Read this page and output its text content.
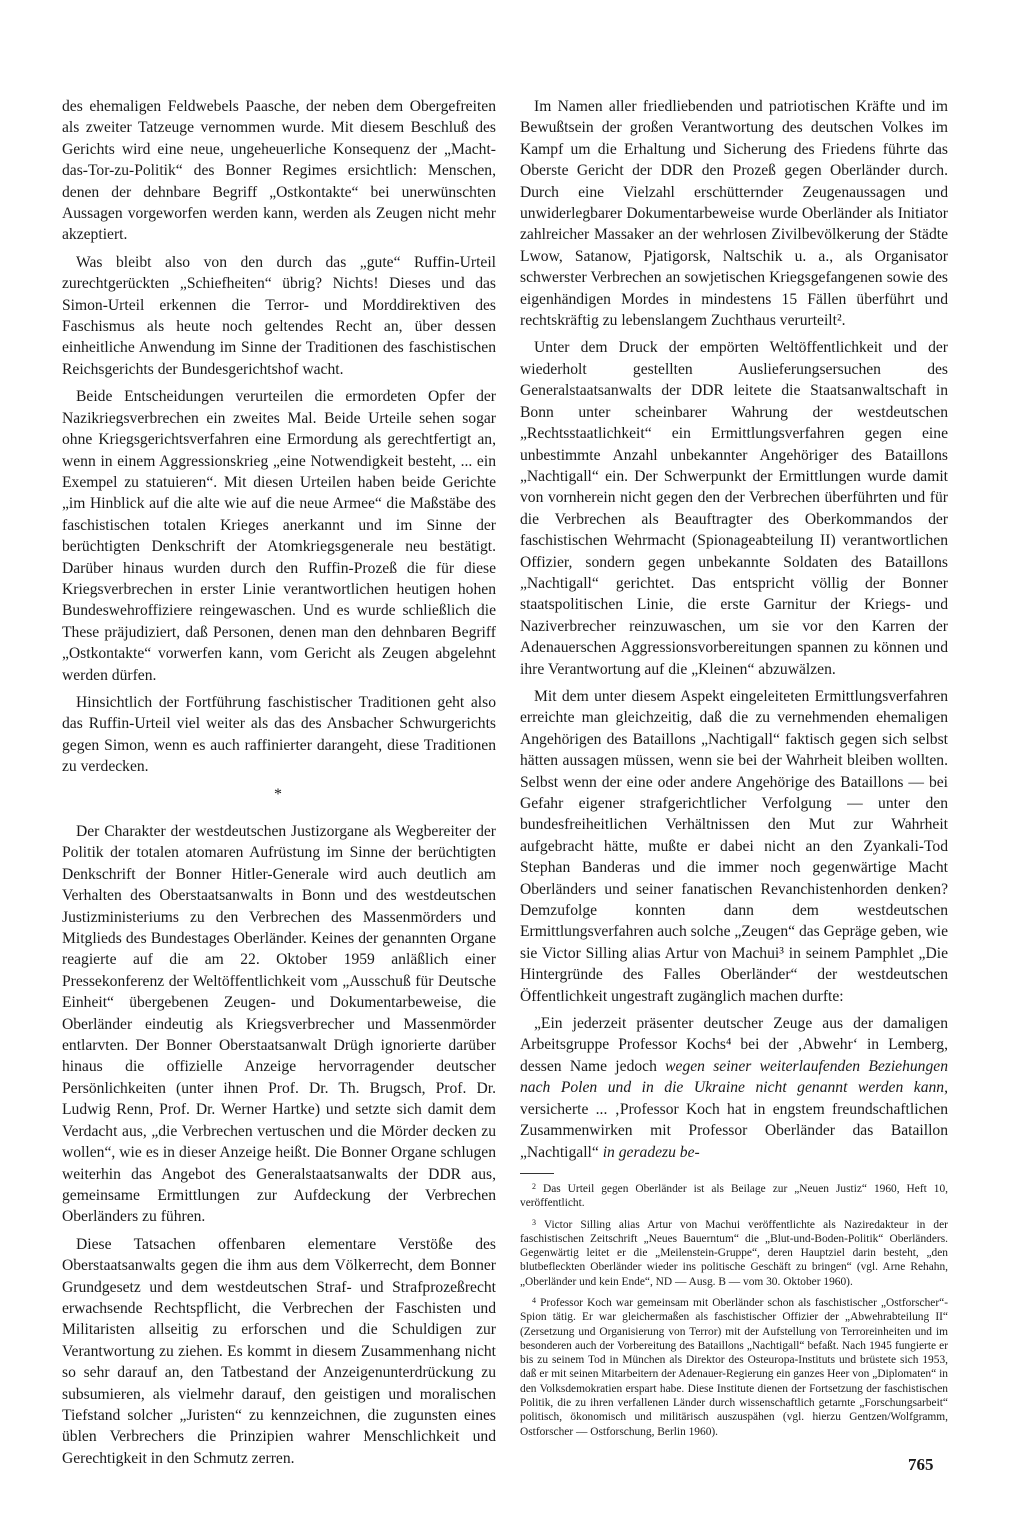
des ehemaligen Feldwebels Paasche, der neben dem Obergefreiten als zweiter Tatzeuge vernommen wurde. Mit diesem Beschluß des Gerichts wird eine neue, ungeheuerliche Konsequenz der „Macht-das-Tor-zu-Politik“ des Bonner Regimes ersichtlich: Menschen, denen der dehnbare Begriff „Ostkontakte“ bei unerwünschten Aussagen vorgeworfen werden kann, werden als Zeugen nicht mehr akzeptiert.

Was bleibt also von den durch das „gute“ Ruffin-Urteil zurechtgerückten „Schiefheiten“ übrig? Nichts! Dieses und das Simon-Urteil erkennen die Terror- und Morddirektiven des Faschismus als heute noch geltendes Recht an, über dessen einheitliche Anwendung im Sinne der Traditionen des faschistischen Reichsgerichts der Bundesgerichtshof wacht.

Beide Entscheidungen verurteilen die ermordeten Opfer der Nazikriegsverbrechen ein zweites Mal. Beide Urteile sehen sogar ohne Kriegsgerichtsverfahren eine Ermordung als gerechtfertigt an, wenn in einem Aggressionskrieg „eine Notwendigkeit besteht, ... ein Exempel zu statuieren“. Mit diesen Urteilen haben beide Gerichte „im Hinblick auf die alte wie auf die neue Armee“ die Maßstäbe des faschistischen totalen Krieges anerkannt und im Sinne der berüchtigten Denkschrift der Atomkriegsgenerale neu bestätigt. Darüber hinaus wurden durch den Ruffin-Prozeß die für diese Kriegsverbrechen in erster Linie verantwortlichen heutigen hohen Bundeswehroffiziere reingewaschen. Und es wurde schließlich die These präjudiziert, daß Personen, denen man den dehnbaren Begriff „Ostkontakte“ vorwerfen kann, vom Gericht als Zeugen abgelehnt werden dürfen.

Hinsichtlich der Fortführung faschistischer Traditionen geht also das Ruffin-Urteil viel weiter als das des Ansbacher Schwurgerichts gegen Simon, wenn es auch raffinierter darangeht, diese Traditionen zu verdecken.

*

Der Charakter der westdeutschen Justizorgane als Wegbereiter der Politik der totalen atomaren Aufrüstung im Sinne der berüchtigten Denkschrift der Bonner Hitler-Generale wird auch deutlich am Verhalten des Oberstaatsanwalts in Bonn und des westdeutschen Justizministeriums zu den Verbrechen des Massenmörders und Mitglieds des Bundestages Oberländer. Keines der genannten Organe reagierte auf die am 22. Oktober 1959 anläßlich einer Pressekonferenz der Weltöffentlichkeit vom „Ausschuß für Deutsche Einheit“ übergebenen Zeugen- und Dokumentarbeweise, die Oberländer eindeutig als Kriegsverbrecher und Massenmörder entlarvten. Der Bonner Oberstaatsanwalt Drügh ignorierte darüber hinaus die offizielle Anzeige hervorragender deutscher Persönlichkeiten (unter ihnen Prof. Dr. Th. Brugsch, Prof. Dr. Ludwig Renn, Prof. Dr. Werner Hartke) und setzte sich damit dem Verdacht aus, „die Verbrechen vertuschen und die Mörder decken zu wollen“, wie es in dieser Anzeige heißt. Die Bonner Organe schlugen weiterhin das Angebot des Generalstaatsanwalts der DDR aus, gemeinsame Ermittlungen zur Aufdeckung der Verbrechen Oberländers zu führen.

Diese Tatsachen offenbaren elementare Verstöße des Oberstaatsanwalts gegen die ihm aus dem Völkerrecht, dem Bonner Grundgesetz und dem westdeutschen Straf- und Strafprozeßrecht erwachsende Rechtspflicht, die Verbrechen der Faschisten und Militaristen allseitig zu erforschen und die Schuldigen zur Verantwortung zu ziehen. Es kommt in diesem Zusammenhang nicht so sehr darauf an, den Tatbestand der Anzeigenunterdrückung zu subsumieren, als vielmehr darauf, den geistigen und moralischen Tiefstand solcher „Juristen“ zu kennzeichnen, die zugunsten eines üblen Verbrechers die Prinzipien wahrer Menschlichkeit und Gerechtigkeit in den Schmutz zerren.

Im Namen aller friedliebenden und patriotischen Kräfte und im Bewußtsein der großen Verantwortung des deutschen Volkes im Kampf um die Erhaltung und Sicherung des Friedens führte das Oberste Gericht der DDR den Prozeß gegen Oberländer durch. Durch eine Vielzahl erschütternder Zeugenaussagen und unwiderlegbarer Dokumentarbeweise wurde Oberländer als Initiator zahlreicher Massaker an der wehrlosen Zivilbevölkerung der Städte Lwow, Satanow, Pjatigorsk, Naltschik u. a., als Organisator schwerster Verbrechen an sowjetischen Kriegsgefangenen sowie des eigenhändigen Mordes in mindestens 15 Fällen überführt und rechtskräftig zu lebenslangem Zuchthaus verurteilt².

Unter dem Druck der empörten Weltöffentlichkeit und der wiederholt gestellten Auslieferungsersuchen des Generalstaatsanwalts der DDR leitete die Staatsanwaltschaft in Bonn unter scheinbarer Wahrung der westdeutschen „Rechtsstaatlichkeit“ ein Ermittlungsverfahren gegen eine unbestimmte Anzahl unbekannter Angehöriger des Bataillons „Nachtigall“ ein. Der Schwerpunkt der Ermittlungen wurde damit von vornherein nicht gegen den der Verbrechen überführten und für die Verbrechen als Beauftragter des Oberkommandos der faschistischen Wehrmacht (Spionageabteilung II) verantwortlichen Offizier, sondern gegen unbekannte Soldaten des Bataillons „Nachtigall“ gerichtet. Das entspricht völlig der Bonner staatspolitischen Linie, die erste Garnitur der Kriegs- und Naziverbrecher reinzuwaschen, um sie vor den Karren der Adenauerschen Aggressionsvorbereitungen spannen zu können und ihre Verantwortung auf die „Kleinen“ abzuwälzen.

Mit dem unter diesem Aspekt eingeleiteten Ermittlungsverfahren erreichte man gleichzeitig, daß die zu vernehmenden ehemaligen Angehörigen des Bataillons „Nachtigall“ faktisch gegen sich selbst hätten aussagen müssen, wenn sie bei der Wahrheit bleiben wollten. Selbst wenn der eine oder andere Angehörige des Bataillons — bei Gefahr eigener strafgerichtlicher Verfolgung — unter den bundesfreiheitlichen Verhältnissen den Mut zur Wahrheit aufgebracht hätte, mußte er dabei nicht an den Zyankali-Tod Stephan Banderas und die immer noch gegenwärtige Macht Oberländers und seiner fanatischen Revanchistenhorden denken? Demzufolge konnten dann dem westdeutschen Ermittlungsverfahren auch solche „Zeugen“ das Gepräge geben, wie sie Victor Silling alias Artur von Machui³ in seinem Pamphlet „Die Hintergründe des Falles Oberländer“ der westdeutschen Öffentlichkeit ungestraft zugänglich machen durfte:

„Ein jederzeit präsenter deutscher Zeuge aus der damaligen Arbeitsgruppe Professor Kochs⁴ bei der ‚Abwehr‘ in Lemberg, dessen Name jedoch wegen seiner weiterlaufenden Beziehungen nach Polen und in die Ukraine nicht genannt werden kann, versicherte ... ‚Professor Koch hat in engstem freundschaftlichen Zusammenwirken mit Professor Oberländer das Bataillon „Nachtigall“ in geradezu be-

$^2$ Das Urteil gegen Oberländer ist als Beilage zur „Neuen Justiz“ 1960, Heft 10, veröffentlicht.

$^3$ Victor Silling alias Artur von Machui veröffentlichte als Naziredakteur in der faschistischen Zeitschrift „Neues Bauerntum“ die „Blut-und-Boden-Politik“ Oberländers. Gegenwärtig leitet er die „Meilenstein-Gruppe“, deren Hauptziel darin besteht, „den blutbefleckten Oberländer wieder ins politische Geschäft zu bringen“ (vgl. Arne Rehahn, „Oberländer und kein Ende“, ND — Ausg. B — vom 30. Oktober 1960).

$^4$ Professor Koch war gemeinsam mit Oberländer schon als faschistischer „Ostforscher“-Spion tätig. Er war gleichermaßen als faschistischer Offizier der „Abwehrabteilung II“ (Zersetzung und Organisierung von Terror) mit der Aufstellung von Terroreinheiten und im besonderen auch der Vorbereitung des Bataillons „Nachtigall“ befaßt. Nach 1945 fungierte er bis zu seinem Tod in München als Direktor des Osteuropa-Instituts und brüstete sich 1953, daß er mit seinen Mitarbeitern der Adenauer-Regierung ein ganzes Heer von „Diplomaten“ in den Volksdemokratien erspart habe. Diese Institute dienen der Fortsetzung der faschistischen Politik, die zu ihren verfallenen Länder durch wissenschaftlich getarnte „Forschungsarbeit“ politisch, ökonomisch und militärisch auszuspähen (vgl. hierzu Gentzen/Wolfgramm, Ostforscher — Ostforschung, Berlin 1960).

765
